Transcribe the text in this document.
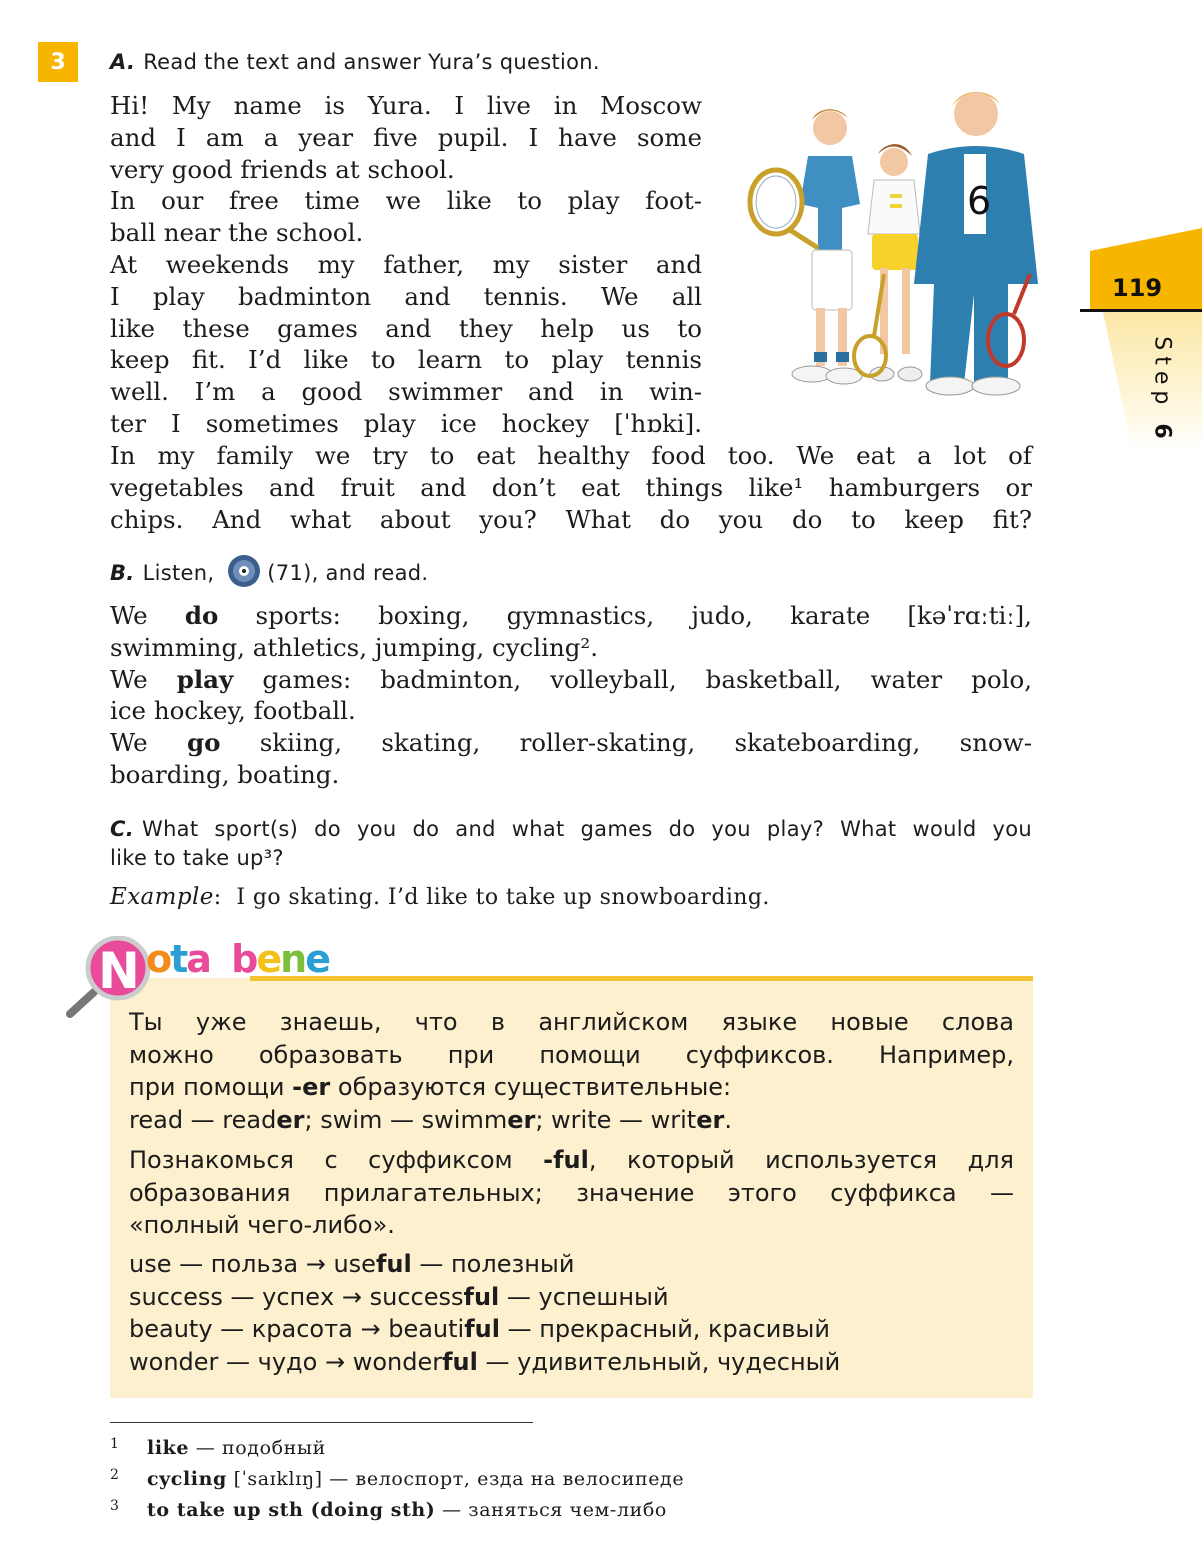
3	A. Read the text and answer Yura’s question.
Hi! My name is Yura. I live in Moscow
and I am a year five pupil. I have some
very good friends at school.
In our free time we like to play foot-
ball near the school.
At weekends my father, my sister and
I play badminton and tennis. We all
like these games and they help us to
keep fit. I’d like to learn to play tennis
well. I’m a good swimmer and in win-
ter I sometimes play ice hockey [ˈhɒki].
In my family we try to eat healthy food too. We eat a lot of
vegetables and fruit and don’t eat things like¹ hamburgers or
chips. And what about you? What do you do to keep fit?
6
119
Step 6
B. Listen,	(71), and read.
We do sports: boxing, gymnastics, judo, karate [kəˈrɑːtiː],
swimming, athletics, jumping, cycling².
We play games: badminton, volleyball, basketball, water polo,
ice hockey, football.
We go skiing, skating, roller-skating, skateboarding, snow-
boarding, boating.
C. What sport(s) do you do and what games do you play? What would you
like to take up³?
Example:  I go skating. I’d like to take up snowboarding.
N ota bene
Ты уже знаешь, что в английском языке новые слова
можно образовать при помощи суффиксов. Например,
при помощи -er образуются существительные:
read — reader; swim — swimmer; write — writer.
Познакомься с суффиксом -ful, который используется для
образования прилагательных; значение этого суффикса —
«полный чего-либо».
use — польза → useful — полезный
success — успех → successful — успешный
beauty — красота → beautiful — прекрасный, красивый
wonder — чудо → wonderful — удивительный, чудесный
1 like — подобный
2 cycling [ˈsaɪklɪŋ] — велоспорт, езда на велосипеде
3 to take up sth (doing sth) — заняться чем-либо
